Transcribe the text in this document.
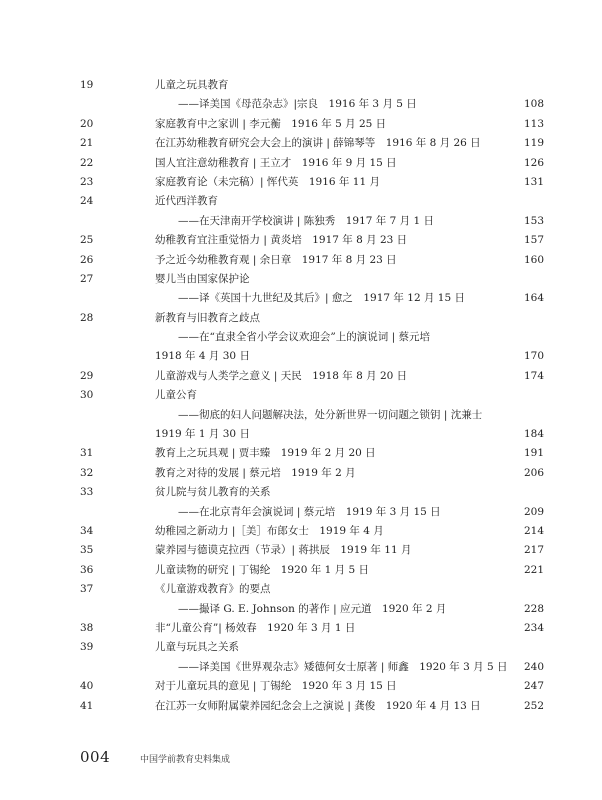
19	儿童之玩具教育
——译美国《母范杂志》|宗良　1916 年 3 月 5 日	108
20	家庭教育中之家训 | 李元蘅　1916 年 5 月 25 日	113
21	在江苏幼稚教育研究会大会上的演讲 | 薛锦琴等　1916 年 8 月 26 日	119
22	国人宜注意幼稚教育 | 王立才　1916 年 9 月 15 日	126
23	家庭教育论（未完稿）| 恽代英　1916 年 11 月	131
24	近代西洋教育
——在天津南开学校演讲 | 陈独秀　1917 年 7 月 1 日	153
25	幼稚教育宜注重觉悟力 | 黄炎培　1917 年 8 月 23 日	157
26	予之近今幼稚教育观 | 余日章　1917 年 8 月 23 日	160
27	婴儿当由国家保护论
——译《英国十九世纪及其后》| 愈之　1917 年 12 月 15 日	164
28	新教育与旧教育之歧点
——在“直隶全省小学会议欢迎会”上的演说词 | 蔡元培
1918 年 4 月 30 日	170
29	儿童游戏与人类学之意义 | 天民　1918 年 8 月 20 日	174
30	儿童公育
——彻底的妇人问题解决法，处分新世界一切问题之锁钥 | 沈兼士
1919 年 1 月 30 日	184
31	教育上之玩具观 | 贾丰臻　1919 年 2 月 20 日	191
32	教育之对待的发展 | 蔡元培　1919 年 2 月	206
33	贫儿院与贫儿教育的关系
——在北京青年会演说词 | 蔡元培　1919 年 3 月 15 日	209
34	幼稚园之新动力 |［美］布郎女士　1919 年 4 月	214
35	蒙养园与德谟克拉西（节录）| 蒋拱辰　1919 年 11 月	217
36	儿童读物的研究 | 丁锡纶　1920 年 1 月 5 日	221
37	《儿童游戏教育》的要点
——撮译 G. E. Johnson 的著作 | 应元道　1920 年 2 月	228
38	非“儿童公育”| 杨效春　1920 年 3 月 1 日	234
39	儿童与玩具之关系
——译美国《世界观杂志》矮德何女士原著 | 师鑫　1920 年 3 月 5 日 240
40	对于儿童玩具的意见 | 丁锡纶　1920 年 3 月 15 日	247
41	在江苏一女师附属蒙养园纪念会上之演说 | 龚俊　1920 年 4 月 13 日	252
004	中国学前教育史料集成
